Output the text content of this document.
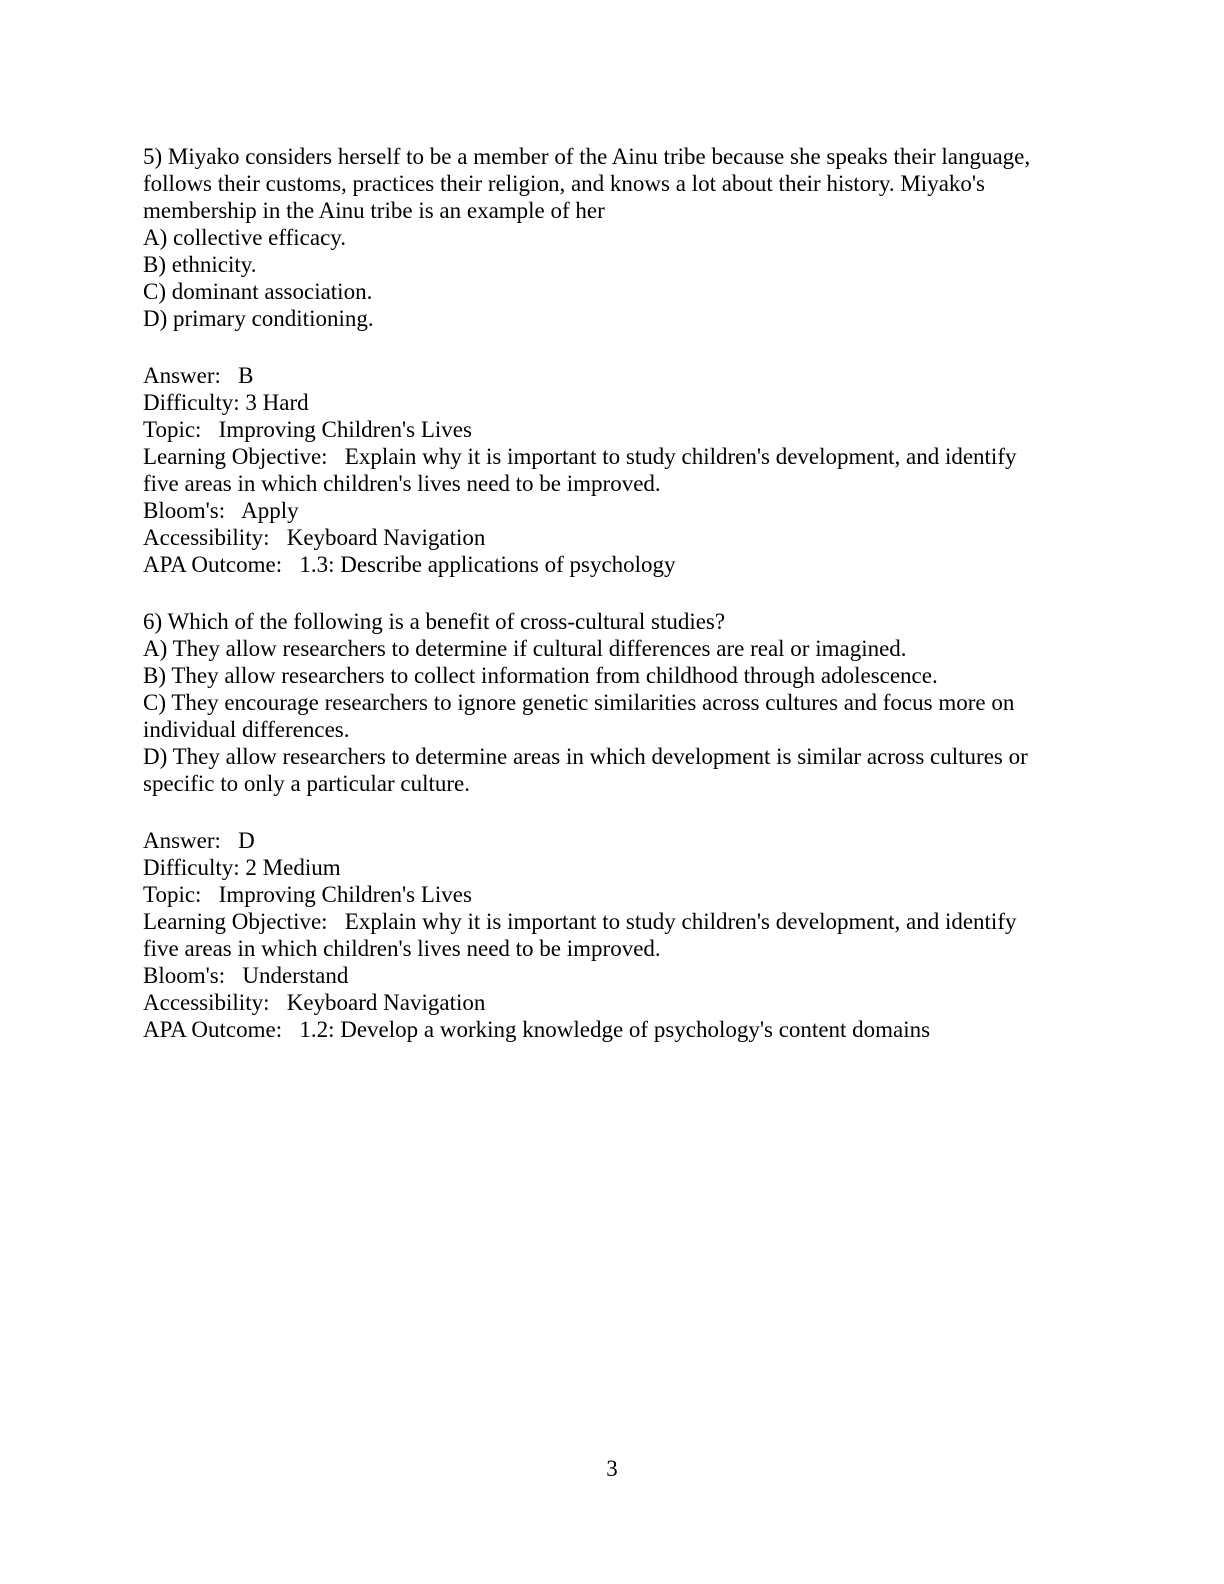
5) Miyako considers herself to be a member of the Ainu tribe because she speaks their language,
follows their customs, practices their religion, and knows a lot about their history. Miyako's
membership in the Ainu tribe is an example of her
A) collective efficacy.
B) ethnicity.
C) dominant association.
D) primary conditioning.
Answer:   B
Difficulty: 3 Hard
Topic:   Improving Children's Lives
Learning Objective:   Explain why it is important to study children's development, and identify
five areas in which children's lives need to be improved.
Bloom's:   Apply
Accessibility:   Keyboard Navigation
APA Outcome:   1.3: Describe applications of psychology
6) Which of the following is a benefit of cross-cultural studies?
A) They allow researchers to determine if cultural differences are real or imagined.
B) They allow researchers to collect information from childhood through adolescence.
C) They encourage researchers to ignore genetic similarities across cultures and focus more on
individual differences.
D) They allow researchers to determine areas in which development is similar across cultures or
specific to only a particular culture.
Answer:   D
Difficulty: 2 Medium
Topic:   Improving Children's Lives
Learning Objective:   Explain why it is important to study children's development, and identify
five areas in which children's lives need to be improved.
Bloom's:   Understand
Accessibility:   Keyboard Navigation
APA Outcome:   1.2: Develop a working knowledge of psychology's content domains
3
